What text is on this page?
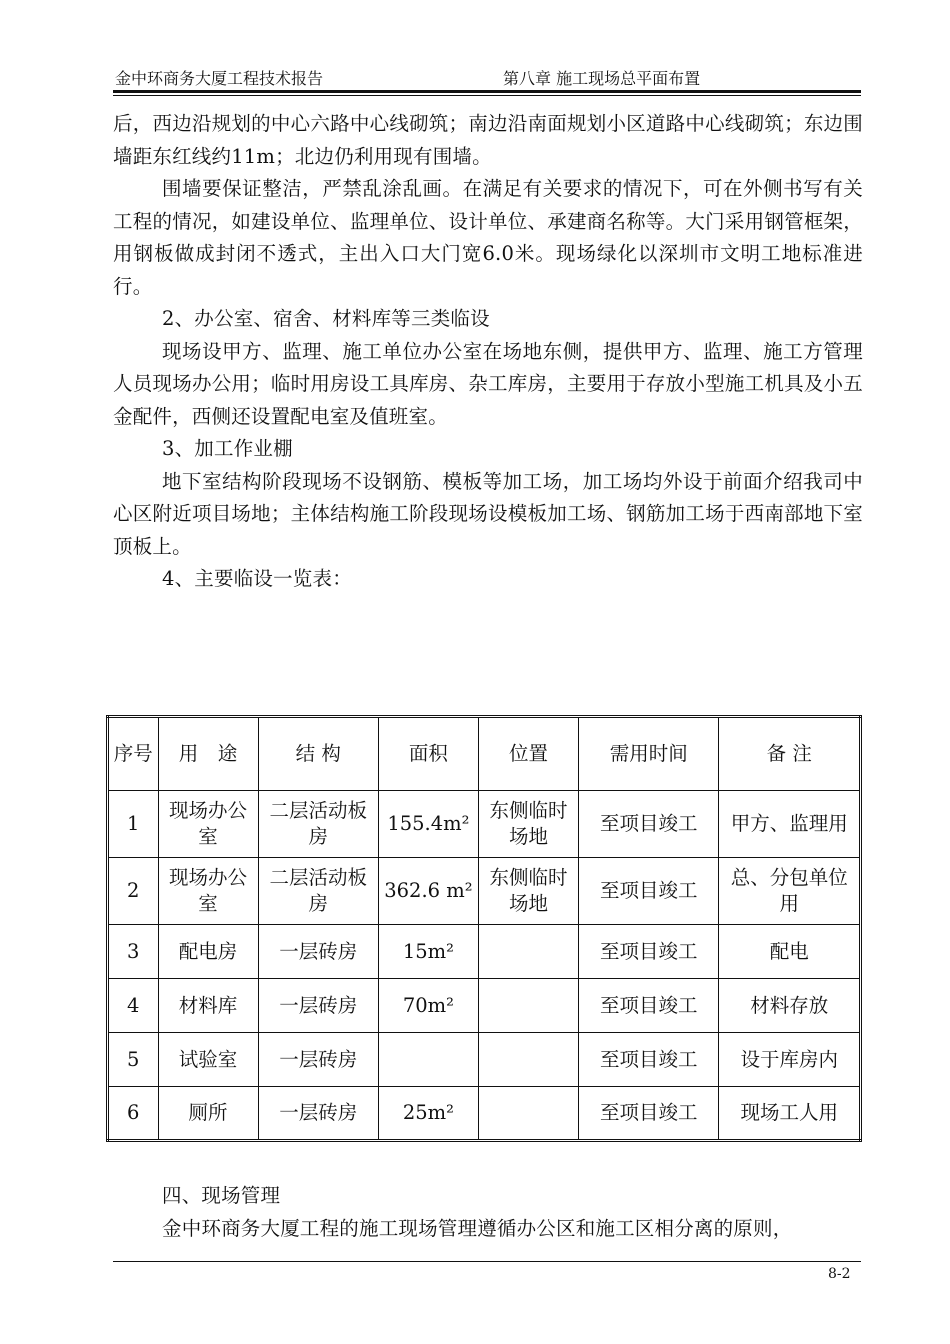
金中环商务大厦工程技术报告	第八章 施工现场总平面布置

后，西边沿规划的中心六路中心线砌筑；南边沿南面规划小区道路中心线砌筑；东边围墙距东红线约11m；北边仍利用现有围墙。

围墙要保证整洁，严禁乱涂乱画。在满足有关要求的情况下，可在外侧书写有关工程的情况，如建设单位、监理单位、设计单位、承建商名称等。大门采用钢管框架，用钢板做成封闭不透式，主出入口大门宽6.0米。现场绿化以深圳市文明工地标准进行。

2、办公室、宿舍、材料库等三类临设

现场设甲方、监理、施工单位办公室在场地东侧，提供甲方、监理、施工方管理人员现场办公用；临时用房设工具库房、杂工库房，主要用于存放小型施工机具及小五金配件，西侧还设置配电室及值班室。

3、加工作业棚

地下室结构阶段现场不设钢筋、模板等加工场，加工场均外设于前面介绍我司中心区附近项目场地；主体结构施工阶段现场设模板加工场、钢筋加工场于西南部地下室顶板上。

4、主要临设一览表：

序号	用　途	结 构	面积	位置	需用时间	备 注
1	现场办公室	二层活动板房	155.4m²	东侧临时场地	至项目竣工	甲方、监理用
2	现场办公室	二层活动板房	362.6 m²	东侧临时场地	至项目竣工	总、分包单位用
3	配电房	一层砖房	15m²		至项目竣工	配电
4	材料库	一层砖房	70m²		至项目竣工	材料存放
5	试验室	一层砖房			至项目竣工	设于库房内
6	厕所	一层砖房	25m²		至项目竣工	现场工人用

四、现场管理

金中环商务大厦工程的施工现场管理遵循办公区和施工区相分离的原则，

8-2
